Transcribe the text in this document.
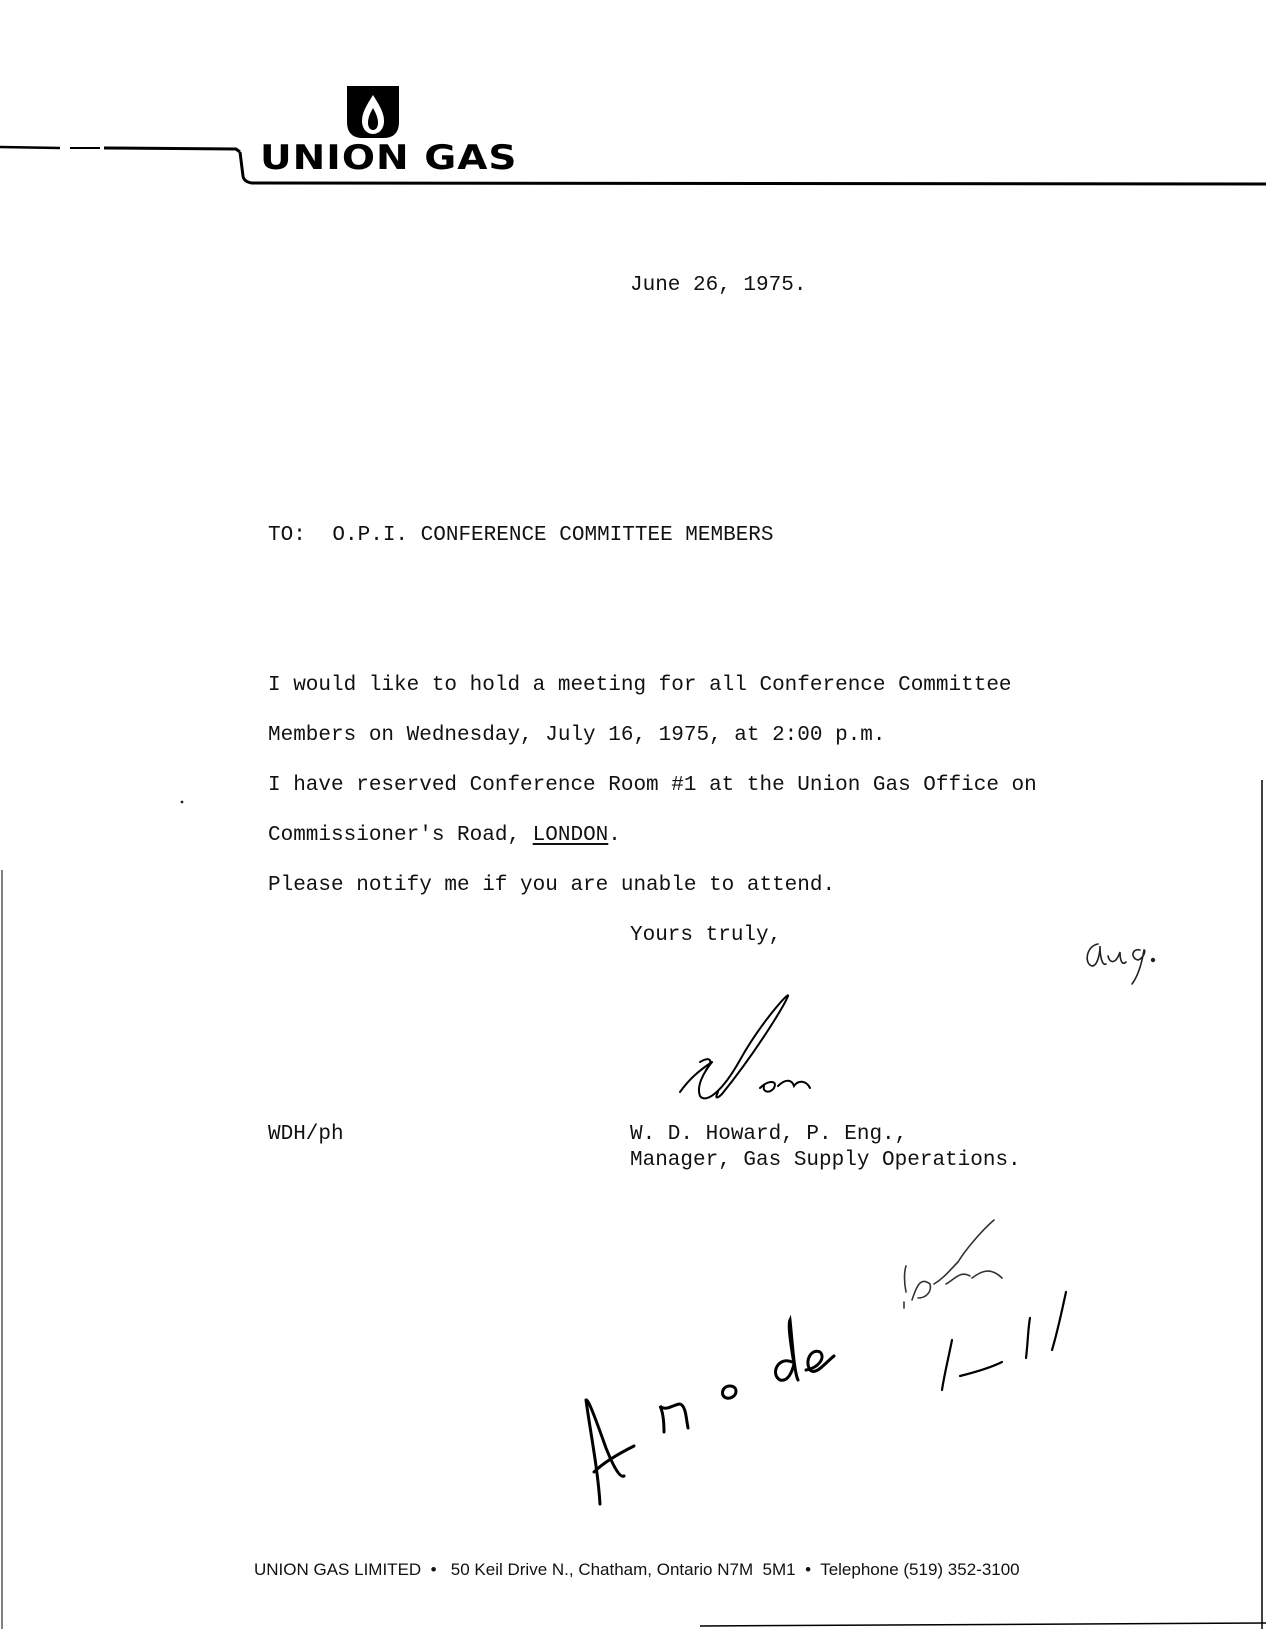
UNION GAS
June 26, 1975.
TO: O.P.I. CONFERENCE COMMITTEE MEMBERS
I would like to hold a meeting for all Conference Committee
Members on Wednesday, July 16, 1975, at 2:00 p.m.
I have reserved Conference Room #1 at the Union Gas Office on
Commissioner's Road, LONDON.
Please notify me if you are unable to attend.
Yours truly,
WDH/ph	W. D. Howard, P. Eng.,
Manager, Gas Supply Operations.
UNION GAS LIMITED  •   50 Keil Drive N., Chatham, Ontario N7M  5M1  •  Telephone (519) 352-3100
